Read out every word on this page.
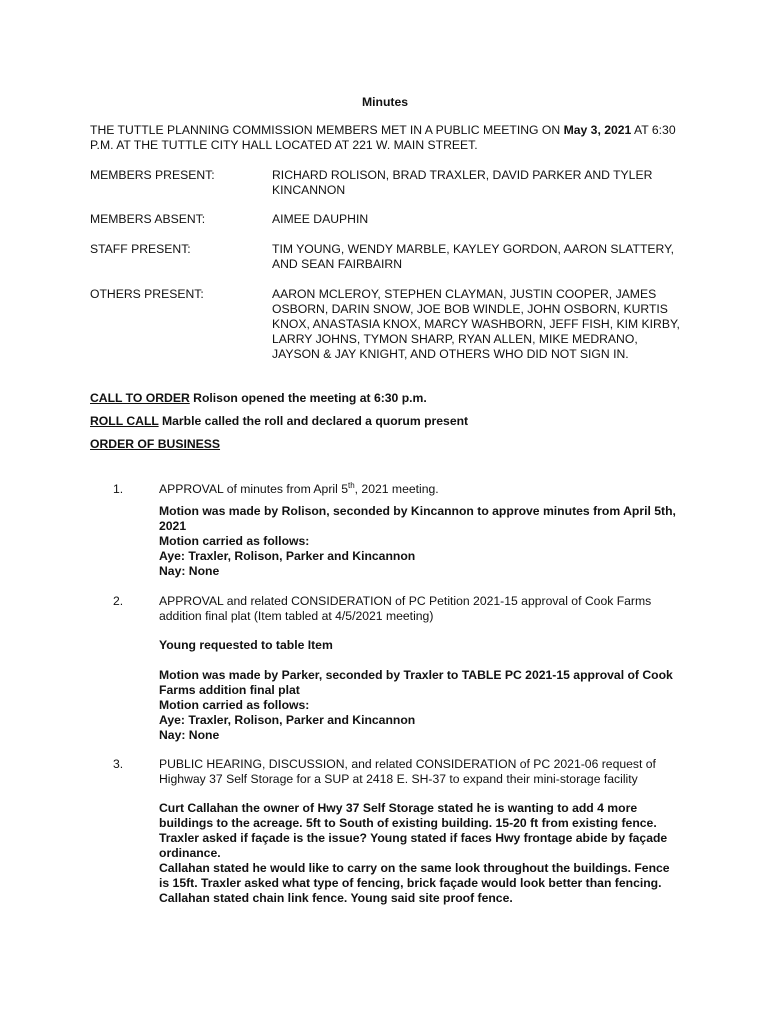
Minutes
THE TUTTLE PLANNING COMMISSION MEMBERS MET IN A PUBLIC MEETING ON May 3, 2021 AT 6:30 P.M. AT THE TUTTLE CITY HALL LOCATED AT 221 W. MAIN STREET.
MEMBERS PRESENT:	RICHARD ROLISON, BRAD TRAXLER, DAVID PARKER AND TYLER KINCANNON
MEMBERS ABSENT:	AIMEE DAUPHIN
STAFF PRESENT:	TIM YOUNG, WENDY MARBLE, KAYLEY GORDON, AARON SLATTERY, AND SEAN FAIRBAIRN
OTHERS PRESENT:	AARON MCLEROY, STEPHEN CLAYMAN, JUSTIN COOPER, JAMES OSBORN, DARIN SNOW, JOE BOB WINDLE, JOHN OSBORN, KURTIS KNOX, ANASTASIA KNOX, MARCY WASHBORN, JEFF FISH, KIM KIRBY, LARRY JOHNS, TYMON SHARP, RYAN ALLEN, MIKE MEDRANO, JAYSON & JAY KNIGHT, AND OTHERS WHO DID NOT SIGN IN.
CALL TO ORDER Rolison opened the meeting at 6:30 p.m.
ROLL CALL Marble called the roll and declared a quorum present
ORDER OF BUSINESS
1.	APPROVAL of minutes from April 5th, 2021 meeting.
Motion was made by Rolison, seconded by Kincannon to approve minutes from April 5th, 2021
Motion carried as follows:
Aye: Traxler, Rolison, Parker and Kincannon
Nay: None
2.	APPROVAL and related CONSIDERATION of PC Petition 2021-15 approval of Cook Farms addition final plat (Item tabled at 4/5/2021 meeting)
Young requested to table Item
Motion was made by Parker, seconded by Traxler to TABLE PC 2021-15 approval of Cook Farms addition final plat
Motion carried as follows:
Aye: Traxler, Rolison, Parker and Kincannon
Nay: None
3.	PUBLIC HEARING, DISCUSSION, and related CONSIDERATION of PC 2021-06 request of Highway 37 Self Storage for a SUP at 2418 E. SH-37 to expand their mini-storage facility
Curt Callahan the owner of Hwy 37 Self Storage stated he is wanting to add 4 more buildings to the acreage. 5ft to South of existing building. 15-20 ft from existing fence. Traxler asked if façade is the issue? Young stated if faces Hwy frontage abide by façade ordinance.
Callahan stated he would like to carry on the same look throughout the buildings. Fence is 15ft. Traxler asked what type of fencing, brick façade would look better than fencing. Callahan stated chain link fence. Young said site proof fence.
